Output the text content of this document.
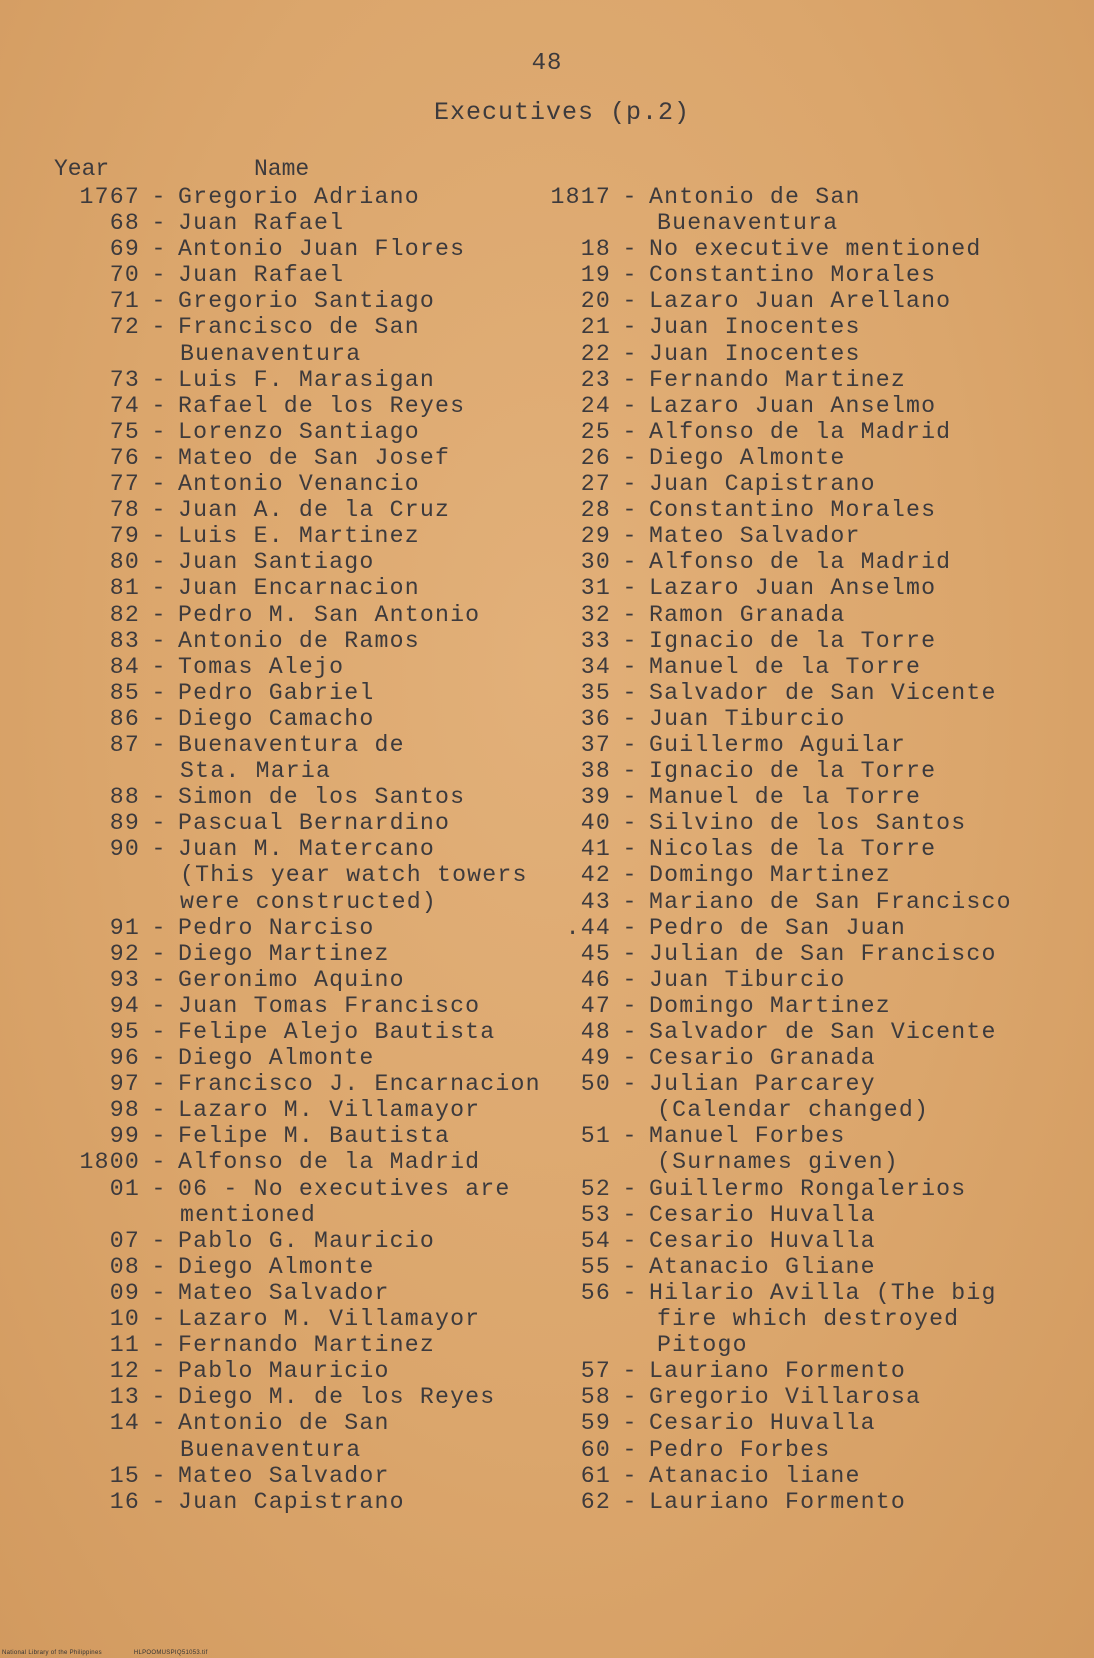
48
Executives (p.2)
Year	Name
1767 - Gregorio Adriano
68 - Juan Rafael
69 - Antonio Juan Flores
70 - Juan Rafael
71 - Gregorio Santiago
72 - Francisco de San
Buenaventura
73 - Luis F. Marasigan
74 - Rafael de los Reyes
75 - Lorenzo Santiago
76 - Mateo de San Josef
77 - Antonio Venancio
78 - Juan A. de la Cruz
79 - Luis E. Martinez
80 - Juan Santiago
81 - Juan Encarnacion
82 - Pedro M. San Antonio
83 - Antonio de Ramos
84 - Tomas Alejo
85 - Pedro Gabriel
86 - Diego Camacho
87 - Buenaventura de
Sta. Maria
88 - Simon de los Santos
89 - Pascual Bernardino
90 - Juan M. Matercano
(This year watch towers
were constructed)
91 - Pedro Narciso
92 - Diego Martinez
93 - Geronimo Aquino
94 - Juan Tomas Francisco
95 - Felipe Alejo Bautista
96 - Diego Almonte
97 - Francisco J. Encarnacion
98 - Lazaro M. Villamayor
99 - Felipe M. Bautista
1800 - Alfonso de la Madrid
01 - 06 - No executives are
mentioned
07 - Pablo G. Mauricio
08 - Diego Almonte
09 - Mateo Salvador
10 - Lazaro M. Villamayor
11 - Fernando Martinez
12 - Pablo Mauricio
13 - Diego M. de los Reyes
14 - Antonio de San
Buenaventura
15 - Mateo Salvador
16 - Juan Capistrano
1817 - Antonio de San
Buenaventura
18 - No executive mentioned
19 - Constantino Morales
20 - Lazaro Juan Arellano
21 - Juan Inocentes
22 - Juan Inocentes
23 - Fernando Martinez
24 - Lazaro Juan Anselmo
25 - Alfonso de la Madrid
26 - Diego Almonte
27 - Juan Capistrano
28 - Constantino Morales
29 - Mateo Salvador
30 - Alfonso de la Madrid
31 - Lazaro Juan Anselmo
32 - Ramon Granada
33 - Ignacio de la Torre
34 - Manuel de la Torre
35 - Salvador de San Vicente
36 - Juan Tiburcio
37 - Guillermo Aguilar
38 - Ignacio de la Torre
39 - Manuel de la Torre
40 - Silvino de los Santos
41 - Nicolas de la Torre
42 - Domingo Martinez
43 - Mariano de San Francisco
.44 - Pedro de San Juan
45 - Julian de San Francisco
46 - Juan Tiburcio
47 - Domingo Martinez
48 - Salvador de San Vicente
49 - Cesario Granada
50 - Julian Parcarey
(Calendar changed)
51 - Manuel Forbes
(Surnames given)
52 - Guillermo Rongalerios
53 - Cesario Huvalla
54 - Cesario Huvalla
55 - Atanacio Gliane
56 - Hilario Avilla (The big
fire which destroyed
Pitogo
57 - Lauriano Formento
58 - Gregorio Villarosa
59 - Cesario Huvalla
60 - Pedro Forbes
61 - Atanacio liane
62 - Lauriano Formento
National Library of the Philippines	HLPOOMUSPIQ51053.tif
